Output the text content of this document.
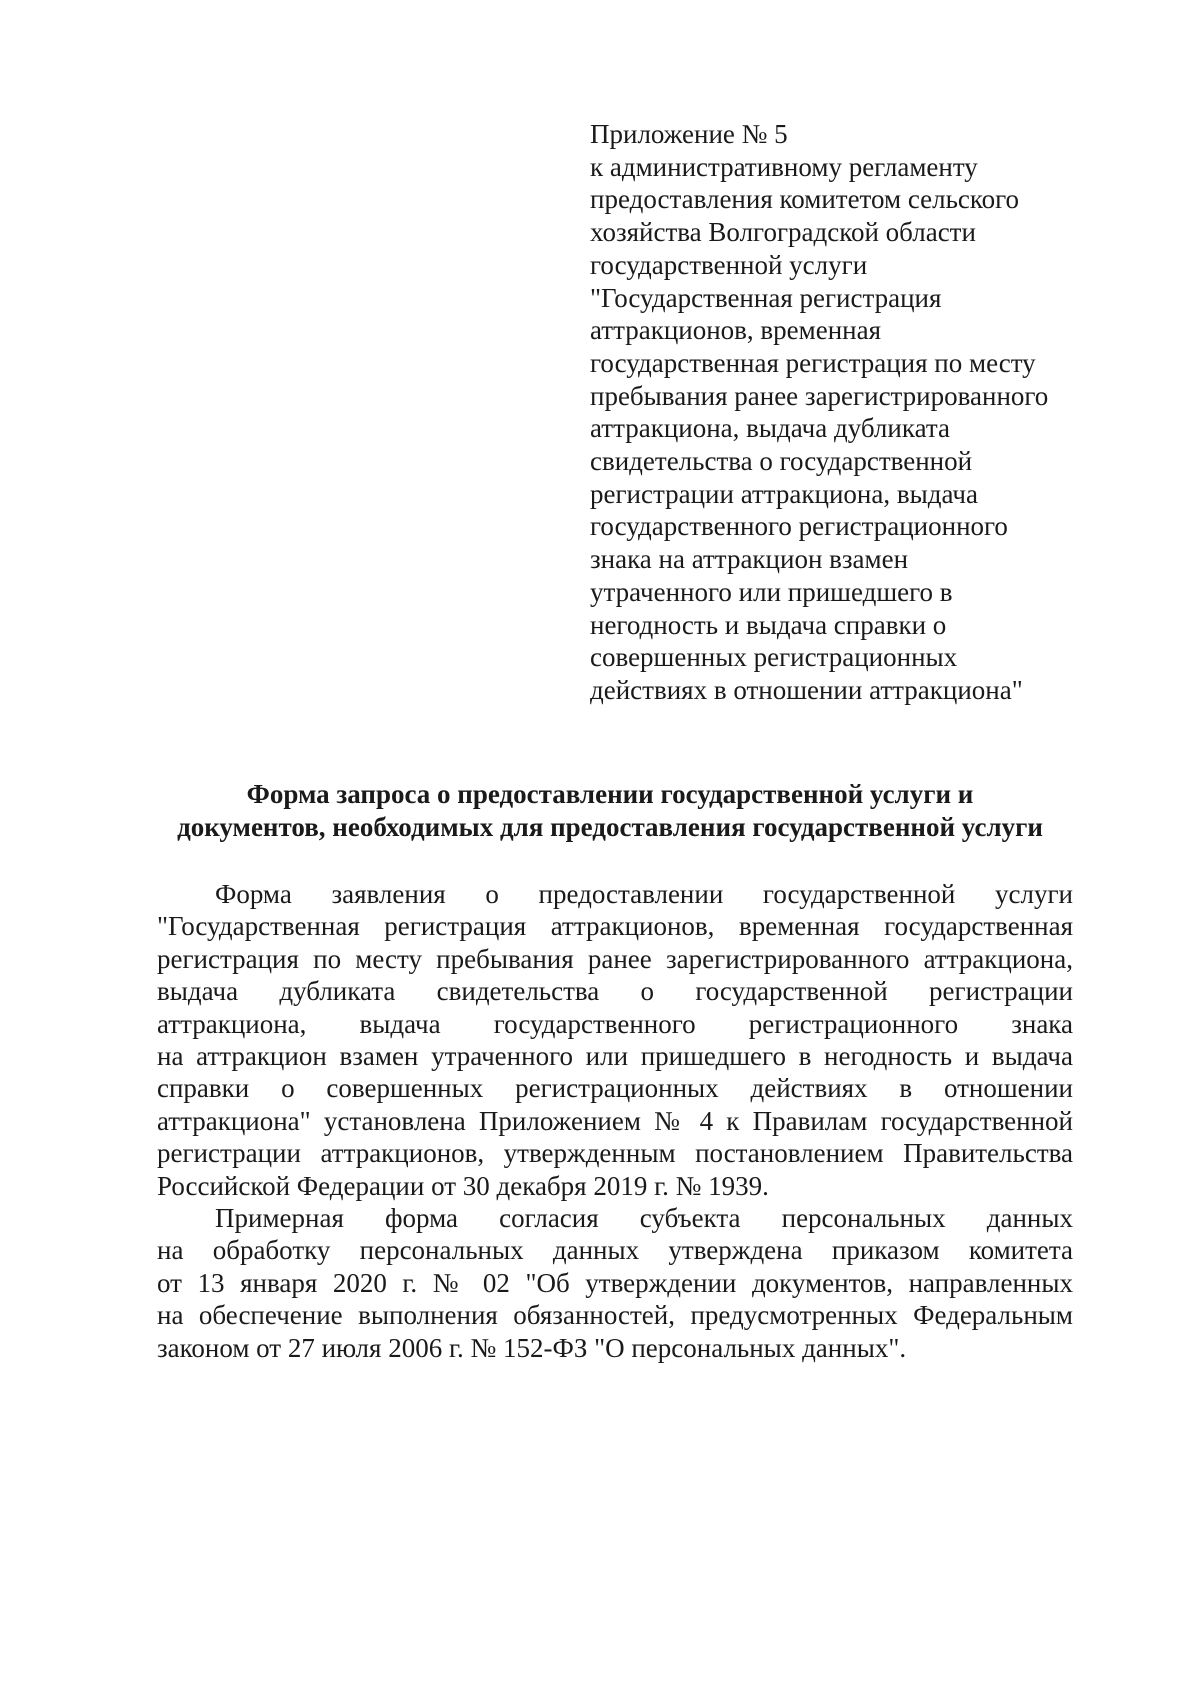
Приложение № 5
к административному регламенту
предоставления комитетом сельского
хозяйства Волгоградской области
государственной услуги
"Государственная регистрация
аттракционов, временная
государственная регистрация по месту
пребывания ранее зарегистрированного
аттракциона, выдача дубликата
свидетельства о государственной
регистрации аттракциона, выдача
государственного регистрационного
знака на аттракцион взамен
утраченного или пришедшего в
негодность и выдача справки о
совершенных регистрационных
действиях в отношении аттракциона"
Форма запроса о предоставлении государственной услуги и
документов, необходимых для предоставления государственной услуги
Форма заявления о предоставлении государственной услуги
"Государственная регистрация аттракционов, временная государственная
регистрация по месту пребывания ранее зарегистрированного аттракциона,
выдача дубликата свидетельства о государственной регистрации
аттракциона, выдача государственного регистрационного знака
на аттракцион взамен утраченного или пришедшего в негодность и выдача
справки о совершенных регистрационных действиях в отношении
аттракциона" установлена Приложением № 4 к Правилам государственной
регистрации аттракционов, утвержденным постановлением Правительства
Российской Федерации от 30 декабря 2019 г. № 1939.
Примерная форма согласия субъекта персональных данных
на обработку персональных данных утверждена приказом комитета
от 13 января 2020 г. № 02 "Об утверждении документов, направленных
на обеспечение выполнения обязанностей, предусмотренных Федеральным
законом от 27 июля 2006 г. № 152-ФЗ "О персональных данных".
